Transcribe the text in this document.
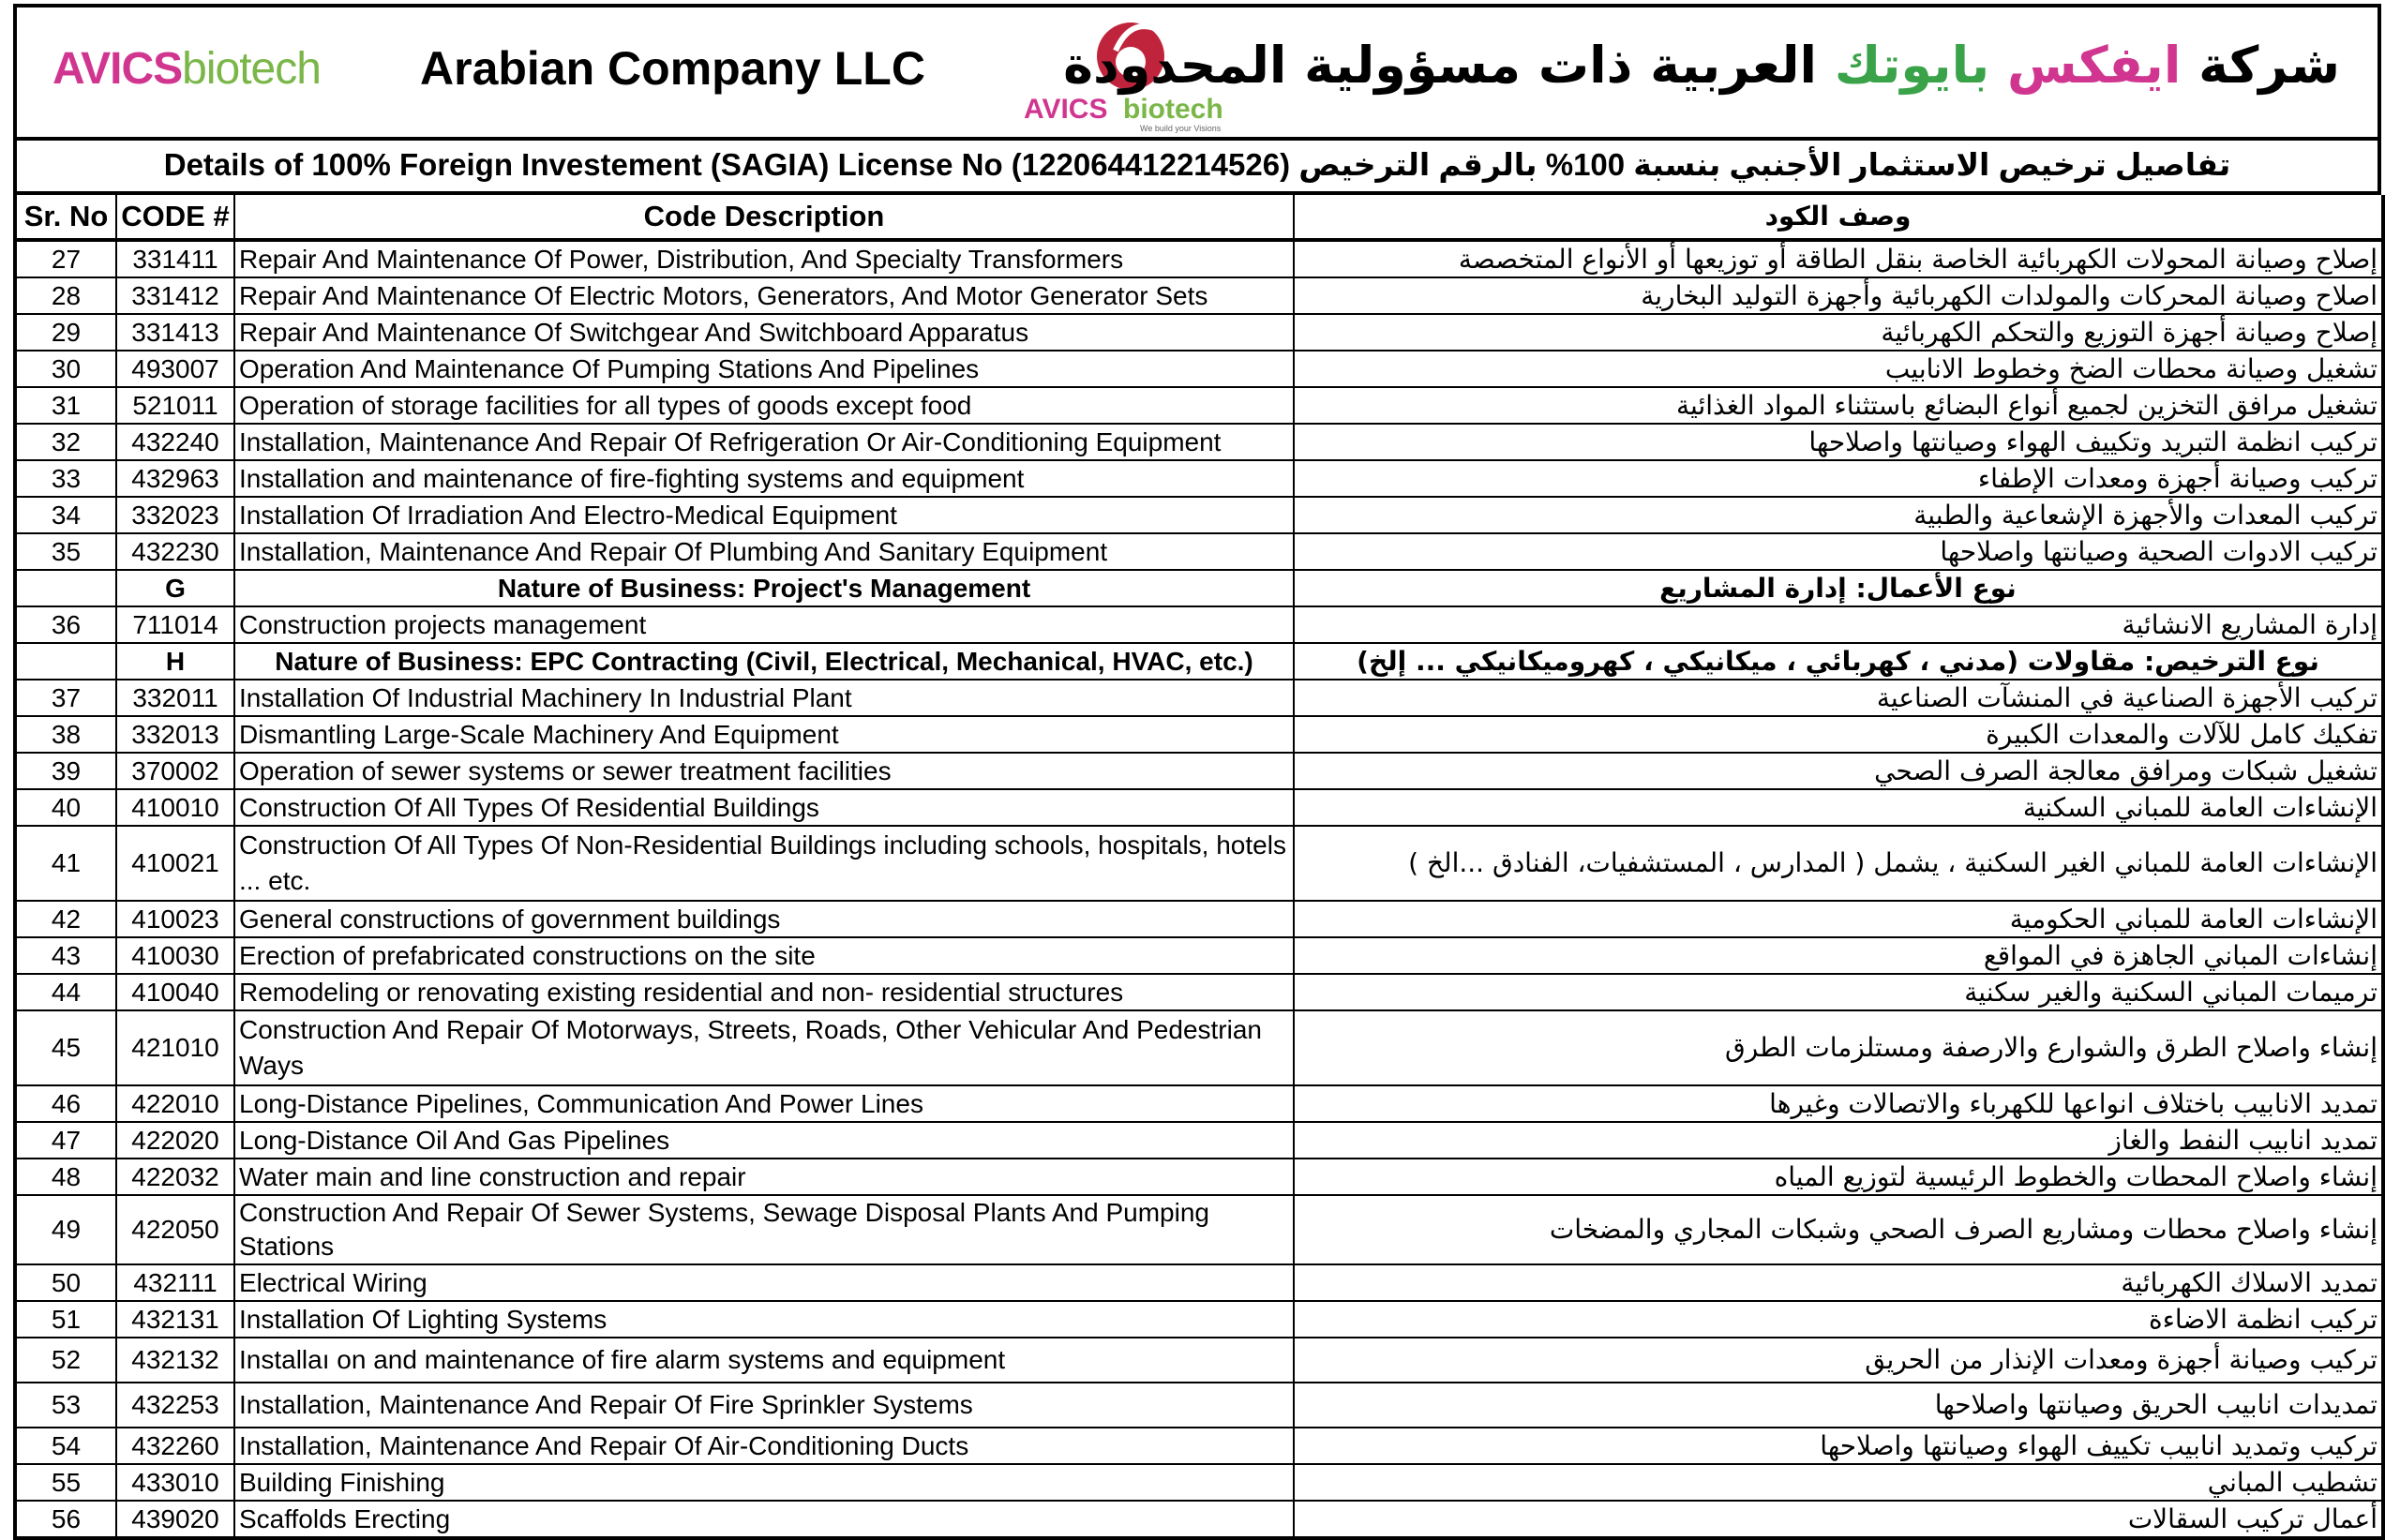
AVICSbiotech Arabian Company LLC
AVICS biotech
We build your Visions
شركة ايفكس بايوتك العربية ذات مسؤولية المحدودة
Details of 100% Foreign Investement (SAGIA) License No (122064412214526) تفاصيل ترخيص الاستثمار الأجنبي بنسبة 100% بالرقم الترخيص
Sr. No	CODE #	Code Description	وصف الكود
27	331411	Repair And Maintenance Of Power, Distribution, And Specialty Transformers	إصلاح وصيانة المحولات الكهربائية الخاصة بنقل الطاقة أو توزيعها أو الأنواع المتخصصة
28	331412	Repair And Maintenance Of Electric Motors, Generators, And Motor Generator Sets	اصلاح وصيانة المحركات والمولدات الكهربائية وأجهزة التوليد البخارية
29	331413	Repair And Maintenance Of Switchgear And Switchboard Apparatus	إصلاح وصيانة أجهزة التوزيع والتحكم الكهربائية
30	493007	Operation And Maintenance Of Pumping Stations And Pipelines	تشغيل وصيانة محطات الضخ وخطوط الانابيب
31	521011	Operation of storage facilities for all types of goods except food	تشغيل مرافق التخزين لجميع أنواع البضائع باستثناء المواد الغذائية
32	432240	Installation, Maintenance And Repair Of Refrigeration Or Air-Conditioning Equipment	تركيب انظمة التبريد وتكييف الهواء وصيانتها واصلاحها
33	432963	Installation and maintenance of fire-fighting systems and equipment	تركيب وصيانة أجهزة ومعدات الإطفاء
34	332023	Installation Of Irradiation And Electro-Medical Equipment	تركيب المعدات والأجهزة الإشعاعية والطبية
35	432230	Installation, Maintenance And Repair Of Plumbing And Sanitary Equipment	تركيب الادوات الصحية وصيانتها واصلاحها
	G	Nature of Business: Project's Management	نوع الأعمال: إدارة المشاريع
36	711014	Construction projects management	إدارة المشاريع الانشائية
	H	Nature of Business: EPC Contracting (Civil, Electrical, Mechanical, HVAC, etc.)	نوع الترخيص: مقاولات (مدني ، كهربائي ، ميكانيكي ، كهروميكانيكي ... إلخ)
37	332011	Installation Of Industrial Machinery In Industrial Plant	تركيب الأجهزة الصناعية في المنشآت الصناعية
38	332013	Dismantling Large-Scale Machinery And Equipment	تفكيك كامل للآلات والمعدات الكبيرة
39	370002	Operation of sewer systems or sewer treatment facilities	تشغيل شبكات ومرافق معالجة الصرف الصحي
40	410010	Construction Of All Types Of Residential Buildings	الإنشاءات العامة للمباني السكنية
41	410021	Construction Of All Types Of Non-Residential Buildings including schools, hospitals, hotels ... etc.	الإنشاءات العامة للمباني الغير السكنية ، يشمل ( المدارس ، المستشفيات، الفنادق ...الخ )
42	410023	General constructions of government buildings	الإنشاءات العامة للمباني الحكومية
43	410030	Erection of prefabricated constructions on the site	إنشاءات المباني الجاهزة في المواقع
44	410040	Remodeling or renovating existing residential and non- residential structures	ترميمات المباني السكنية والغير سكنية
45	421010	Construction And Repair Of Motorways, Streets, Roads, Other Vehicular And Pedestrian Ways	إنشاء واصلاح الطرق والشوارع والارصفة ومستلزمات الطرق
46	422010	Long-Distance Pipelines, Communication And Power Lines	تمديد الانابيب باختلاف انواعها للكهرباء والاتصالات وغيرها
47	422020	Long-Distance Oil And Gas Pipelines	تمديد انابيب النفط والغاز
48	422032	Water main and line construction and repair	إنشاء واصلاح المحطات والخطوط الرئيسية لتوزيع المياه
49	422050	Construction And Repair Of Sewer Systems, Sewage Disposal Plants And Pumping Stations	إنشاء واصلاح محطات ومشاريع الصرف الصحي وشبكات المجاري والمضخات
50	432111	Electrical Wiring	تمديد الاسلاك الكهربائية
51	432131	Installation Of Lighting Systems	تركيب انظمة الاضاءة
52	432132	Installaı on and maintenance of fire alarm systems and equipment	تركيب وصيانة أجهزة ومعدات الإنذار من الحريق
53	432253	Installation, Maintenance And Repair Of Fire Sprinkler Systems	تمديدات انابيب الحريق وصيانتها واصلاحها
54	432260	Installation, Maintenance And Repair Of Air-Conditioning Ducts	تركيب وتمديد انابيب تكييف الهواء وصيانتها واصلاحها
55	433010	Building Finishing	تشطيب المباني
56	439020	Scaffolds Erecting	أعمال تركيب السقالات
